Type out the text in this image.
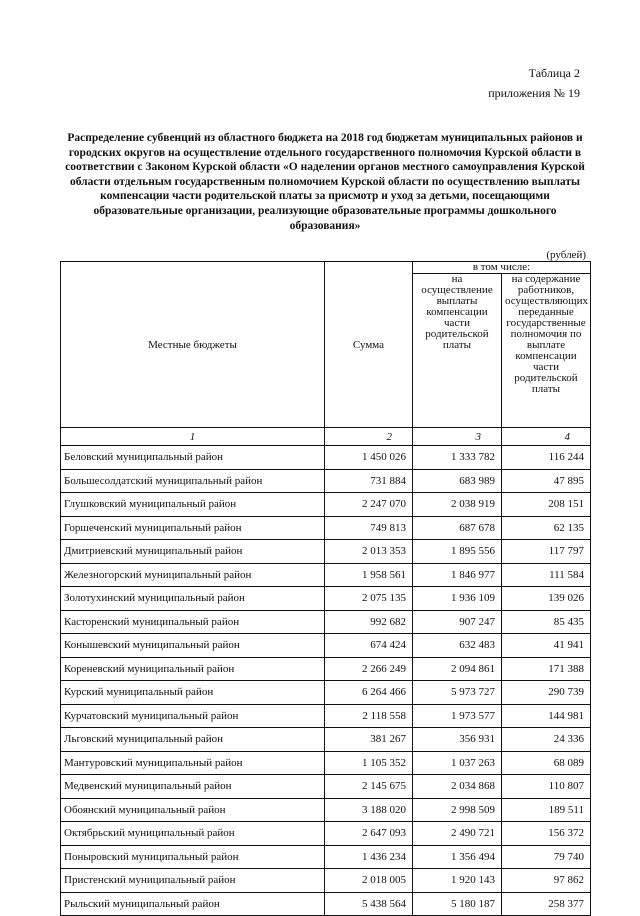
Таблица 2
приложения № 19
Распределение субвенций из областного бюджета на 2018 год бюджетам муниципальных районов и городских округов на осуществление отдельного государственного полномочия Курской области в соответствии с Законом Курской области «О наделении органов местного самоуправления Курской области отдельным государственным полномочием Курской области по осуществлению выплаты компенсации части родительской платы за присмотр и уход за детьми, посещающими образовательные организации, реализующие образовательные программы дошкольного образования»
(рублей)
Местные бюджеты	Сумма	в том числе:	
		на осуществление выплаты компенсации части родительской платы	на содержание работников, осуществляющих переданные государственные полномочия по выплате компенсации части родительской платы
1	2	3	4
Беловский муниципальный район	1 450 026	1 333 782	116 244
Большесолдатский муниципальный район	731 884	683 989	47 895
Глушковский муниципальный район	2 247 070	2 038 919	208 151
Горшеченский муниципальный район	749 813	687 678	62 135
Дмитриевский муниципальный район	2 013 353	1 895 556	117 797
Железногорский муниципальный район	1 958 561	1 846 977	111 584
Золотухинский муниципальный район	2 075 135	1 936 109	139 026
Касторенский муниципальный район	992 682	907 247	85 435
Конышевский муниципальный район	674 424	632 483	41 941
Кореневский муниципальный район	2 266 249	2 094 861	171 388
Курский муниципальный район	6 264 466	5 973 727	290 739
Курчатовский муниципальный район	2 118 558	1 973 577	144 981
Льговский муниципальный район	381 267	356 931	24 336
Мантуровский муниципальный район	1 105 352	1 037 263	68 089
Медвенский муниципальный район	2 145 675	2 034 868	110 807
Обоянский муниципальный район	3 188 020	2 998 509	189 511
Октябрьский муниципальный район	2 647 093	2 490 721	156 372
Поныровский муниципальный район	1 436 234	1 356 494	79 740
Пристенский муниципальный район	2 018 005	1 920 143	97 862
Рыльский муниципальный район	5 438 564	5 180 187	258 377
